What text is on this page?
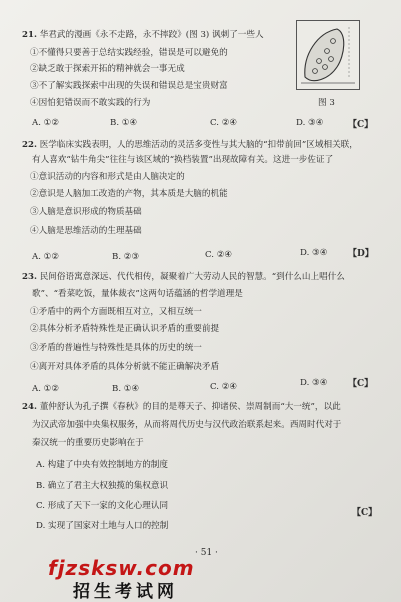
21. 华君武的漫画《永不走路，永不摔跤》(图 3) 讽刺了一些人
①不懂得只要善于总结实践经验，错误是可以避免的
②缺乏敢于探索开拓的精神就会一事无成
③不了解实践探索中出现的失误和错误总是宝贵财富
④因怕犯错误而不敢实践的行为
A. ①②	B. ①④	C. ②④	D. ③④	【C】
图 3
22. 医学临床实践表明，人的思维活动的灵活多变性与其大脑的“扣带前回”区域相关联，
有人喜欢“钻牛角尖”往往与该区域的“换档装置”出现故障有关。这进一步佐证了
①意识活动的内容和形式是由人脑决定的
②意识是人脑加工改造的产物，其本质是大脑的机能
③人脑是意识形成的物质基础
④人脑是思维活动的生理基础
A. ①②	B. ②③	C. ②④	D. ③④ 【D】
23. 民间俗语寓意深远、代代相传，凝聚着广大劳动人民的智慧。“到什么山上唱什么
歌”、“看菜吃饭，量体裁衣”这两句话蕴涵的哲学道理是
①矛盾中的两个方面既相互对立，又相互统一
②具体分析矛盾特殊性是正确认识矛盾的重要前提
③矛盾的普遍性与特殊性是具体的历史的统一
④离开对具体矛盾的具体分析就不能正确解决矛盾
A. ①②	B. ①④	C. ②④	D. ③④ 【C】
24. 董仲舒认为孔子撰《春秋》的目的是尊天子、抑诸侯、崇周制而“大一统”，以此
为汉武帝加强中央集权服务，从而将周代历史与汉代政治联系起来。西周时代对于
秦汉统一的重要历史影响在于
A. 构建了中央有效控制地方的制度
B. 确立了君主大权独揽的集权意识
C. 形成了天下一家的文化心理认同
D. 实现了国家对土地与人口的控制
【C】
· 51 ·
fjzsksw.com
招生考试网
